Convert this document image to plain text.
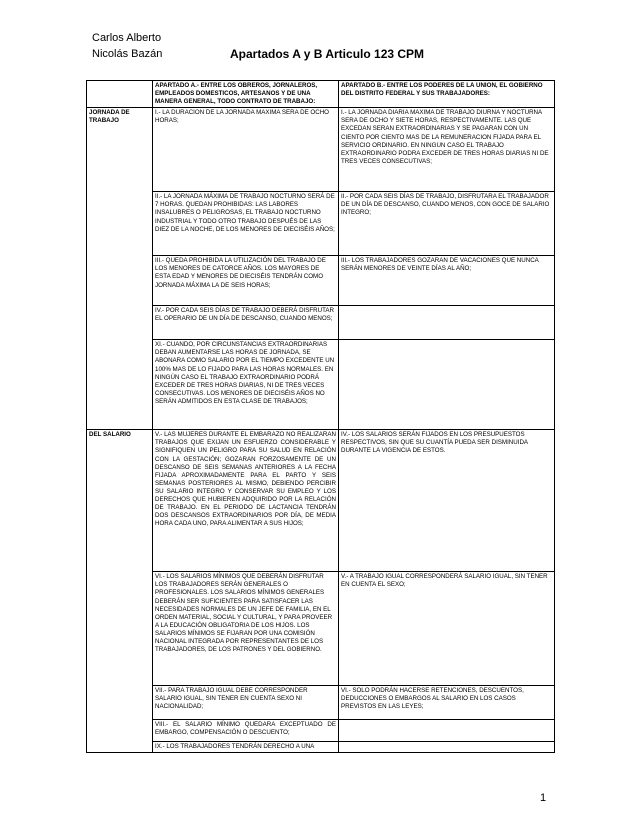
Carlos Alberto
Nicolás Bazán	Apartados A y B Articulo 123 CPM
	APARTADO A.- ENTRE LOS OBREROS, JORNALEROS, EMPLEADOS DOMESTICOS, ARTESANOS Y DE UNA MANERA GENERAL, TODO CONTRATO DE TRABAJO:	APARTADO B.- ENTRE LOS PODERES DE LA UNION, EL GOBIERNO DEL DISTRITO FEDERAL Y SUS TRABAJADORES:
JORNADA DE TRABAJO	I.- LA DURACION DE LA JORNADA MAXIMA SERA DE OCHO HORAS;	I.- LA JORNADA DIARIA MAXIMA DE TRABAJO DIURNA Y NOCTURNA SERA DE OCHO Y SIETE HORAS, RESPECTIVAMENTE. LAS QUE EXCEDAN SERAN EXTRAORDINARIAS Y SE PAGARAN CON UN CIENTO POR CIENTO MAS DE LA REMUNERACION FIJADA PARA EL SERVICIO ORDINARIO. EN NINGUN CASO EL TRABAJO EXTRAORDINARIO PODRA EXCEDER DE TRES HORAS DIARIAS NI DE TRES VECES CONSECUTIVAS;
	II.- LA JORNADA MÁXIMA DE TRABAJO NOCTURNO SERÁ DE 7 HORAS. QUEDAN PROHIBIDAS: LAS LABORES INSALUBRES O PELIGROSAS, EL TRABAJO NOCTURNO INDUSTRIAL Y TODO OTRO TRABAJO DESPUÉS DE LAS DIEZ DE LA NOCHE, DE LOS MENORES DE DIECISÉIS AÑOS;	II.- POR CADA SEIS DÍAS DE TRABAJO, DISFRUTARA EL TRABAJADOR DE UN DÍA DE DESCANSO, CUANDO MENOS, CON GOCE DE SALARIO INTEGRO;
	III.- QUEDA PROHIBIDA LA UTILIZACIÓN DEL TRABAJO DE LOS MENORES DE CATORCE AÑOS. LOS MAYORES DE ESTA EDAD Y MENORES DE DIECISÉIS TENDRÁN COMO JORNADA MÁXIMA LA DE SEIS HORAS;	III.- LOS TRABAJADORES GOZARAN DE VACACIONES QUE NUNCA SERÁN MENORES DE VEINTE DÍAS AL AÑO;
	IV.- POR CADA SEIS DÍAS DE TRABAJO DEBERÁ DISFRUTAR EL OPERARIO DE UN DÍA DE DESCANSO, CUANDO MENOS;	
	XI.- CUANDO, POR CIRCUNSTANCIAS EXTRAORDINARIAS DEBAN AUMENTARSE LAS HORAS DE JORNADA, SE ABONARA COMO SALARIO POR EL TIEMPO EXCEDENTE UN 100% MAS DE LO FIJADO PARA LAS HORAS NORMALES. EN NINGÚN CASO EL TRABAJO EXTRAORDINARIO PODRÁ EXCEDER DE TRES HORAS DIARIAS, NI DE TRES VECES CONSECUTIVAS. LOS MENORES DE DIECISÉIS AÑOS NO SERÁN ADMITIDOS EN ESTA CLASE DE TRABAJOS;	
DEL SALARIO	V.- LAS MUJERES DURANTE EL EMBARAZO NO REALIZARAN TRABAJOS QUE EXIJAN UN ESFUERZO CONSIDERABLE Y SIGNIFIQUEN UN PELIGRO PARA SU SALUD EN RELACIÓN CON LA GESTACIÓN; GOZARAN FORZOSAMENTE DE UN DESCANSO DE SEIS SEMANAS ANTERIORES A LA FECHA FIJADA APROXIMADAMENTE PARA EL PARTO Y SEIS SEMANAS POSTERIORES AL MISMO, DEBIENDO PERCIBIR SU SALARIO INTEGRO Y CONSERVAR SU EMPLEO Y LOS DERECHOS QUE HUBIEREN ADQUIRIDO POR LA RELACIÓN DE TRABAJO. EN EL PERIODO DE LACTANCIA TENDRÁN DOS DESCANSOS EXTRAORDINARIOS POR DÍA, DE MEDIA HORA CADA UNO, PARA ALIMENTAR A SUS HIJOS;	IV.- LOS SALARIOS SERÁN FIJADOS EN LOS PRESUPUESTOS RESPECTIVOS, SIN QUE SU CUANTÍA PUEDA SER DISMINUIDA DURANTE LA VIGENCIA DE ESTOS.
	VI.- LOS SALARIOS MÍNIMOS QUE DEBERÁN DISFRUTAR LOS TRABAJADORES SERÁN GENERALES O PROFESIONALES. LOS SALARIOS MÍNIMOS GENERALES DEBERÁN SER SUFICIENTES PARA SATISFACER LAS NECESIDADES NORMALES DE UN JEFE DE FAMILIA, EN EL ORDEN MATERIAL, SOCIAL Y CULTURAL, Y PARA PROVEER A LA EDUCACIÓN OBLIGATORIA DE LOS HIJOS. LOS SALARIOS MÍNIMOS SE FIJARAN POR UNA COMISIÓN NACIONAL INTEGRADA POR REPRESENTANTES DE LOS TRABAJADORES, DE LOS PATRONES Y DEL GOBIERNO.	V.- A TRABAJO IGUAL CORRESPONDERÁ SALARIO IGUAL, SIN TENER EN CUENTA EL SEXO;
	VII.- PARA TRABAJO IGUAL DEBE CORRESPONDER SALARIO IGUAL, SIN TENER EN CUENTA SEXO NI NACIONALIDAD;	VI.- SOLO PODRÁN HACERSE RETENCIONES, DESCUENTOS, DEDUCCIONES O EMBARGOS AL SALARIO EN LOS CASOS PREVISTOS EN LAS LEYES;
	VIII.- EL SALARIO MÍNIMO QUEDARA EXCEPTUADO DE EMBARGO, COMPENSACIÓN O DESCUENTO;	
	IX.- LOS TRABAJADORES TENDRÁN DERECHO A UNA	
1
